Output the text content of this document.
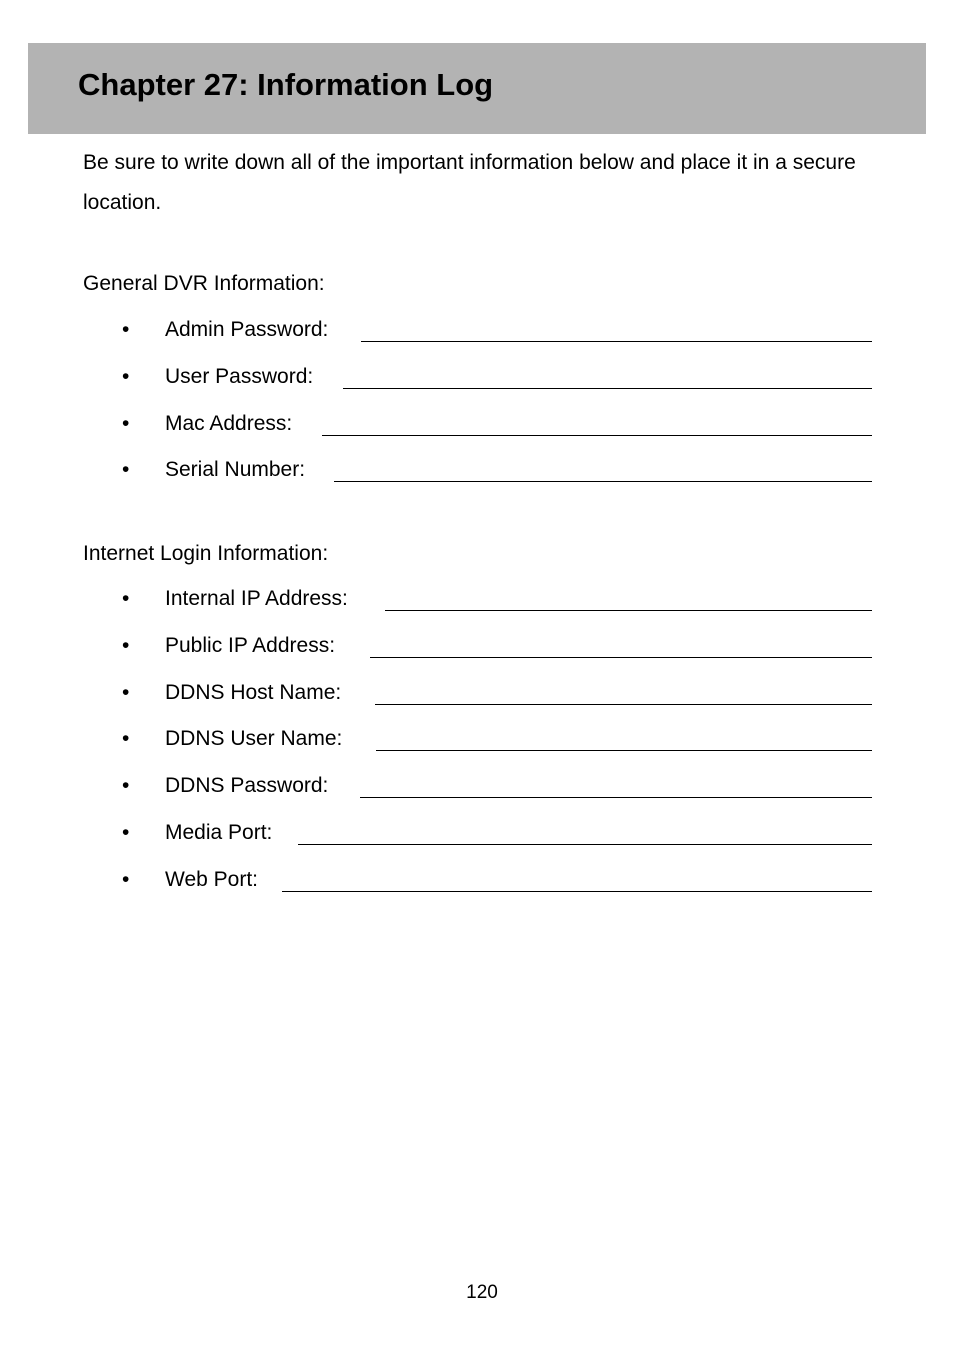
Chapter 27: Information Log

Be sure to write down all of the important information below and place it in a secure location.

General DVR Information:

• Admin Password:
• User Password:
• Mac Address:
• Serial Number:

Internet Login Information:

• Internal IP Address:
• Public IP Address:
• DDNS Host Name:
• DDNS User Name:
• DDNS Password:
• Media Port:
• Web Port:
120
